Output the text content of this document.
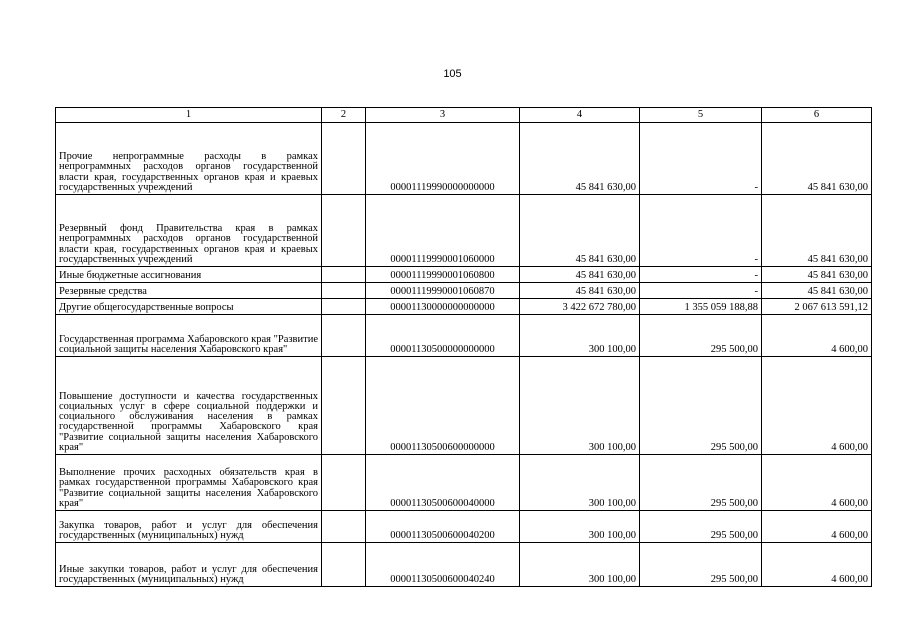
105
1	2	3	4	5	6
Прочие непрограммные расходы в рамках непрограммных расходов органов государственной власти края, государственных органов края и краевых государственных учреждений		00001119990000000000	45 841 630,00	-	45 841 630,00
Резервный фонд Правительства края в рамках непрограммных расходов органов государственной власти края, государственных органов края и краевых государственных учреждений		00001119990001060000	45 841 630,00	-	45 841 630,00
Иные бюджетные ассигнования		00001119990001060800	45 841 630,00	-	45 841 630,00
Резервные средства		00001119990001060870	45 841 630,00	-	45 841 630,00
Другие общегосударственные вопросы		00001130000000000000	3 422 672 780,00	1 355 059 188,88	2 067 613 591,12
Государственная программа Хабаровского края "Развитие социальной защиты населения Хабаровского края"		00001130500000000000	300 100,00	295 500,00	4 600,00
Повышение доступности и качества государственных социальных услуг в сфере социальной поддержки и социального обслуживания населения в рамках государственной программы Хабаровского края "Развитие социальной защиты населения Хабаровского края"		00001130500600000000	300 100,00	295 500,00	4 600,00
Выполнение прочих расходных обязательств края в рамках государственной программы Хабаровского края "Развитие социальной защиты населения Хабаровского края"		00001130500600040000	300 100,00	295 500,00	4 600,00
Закупка товаров, работ и услуг для обеспечения государственных (муниципальных) нужд		00001130500600040200	300 100,00	295 500,00	4 600,00
Иные закупки товаров, работ и услуг для обеспечения государственных (муниципальных) нужд		00001130500600040240	300 100,00	295 500,00	4 600,00
